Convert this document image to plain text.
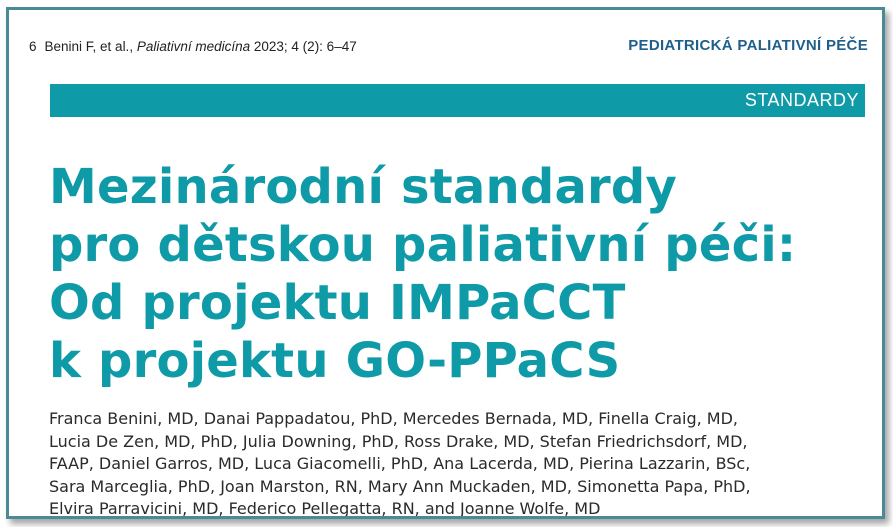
6 Benini F, et al., Paliativní medicína 2023; 4 (2): 6–47	PEDIATRICKÁ PALIATIVNÍ PÉČE
STANDARDY
Mezinárodní standardy
pro dětskou paliativní péči:
Od projektu IMPaCCT
k projektu GO-PPaCS
Franca Benini, MD, Danai Pappadatou, PhD, Mercedes Bernada, MD, Finella Craig, MD,
Lucia De Zen, MD, PhD, Julia Downing, PhD, Ross Drake, MD, Stefan Friedrichsdorf, MD,
FAAP, Daniel Garros, MD, Luca Giacomelli, PhD, Ana Lacerda, MD, Pierina Lazzarin, BSc,
Sara Marceglia, PhD, Joan Marston, RN, Mary Ann Muckaden, MD, Simonetta Papa, PhD,
Elvira Parravicini, MD, Federico Pellegatta, RN, and Joanne Wolfe, MD
